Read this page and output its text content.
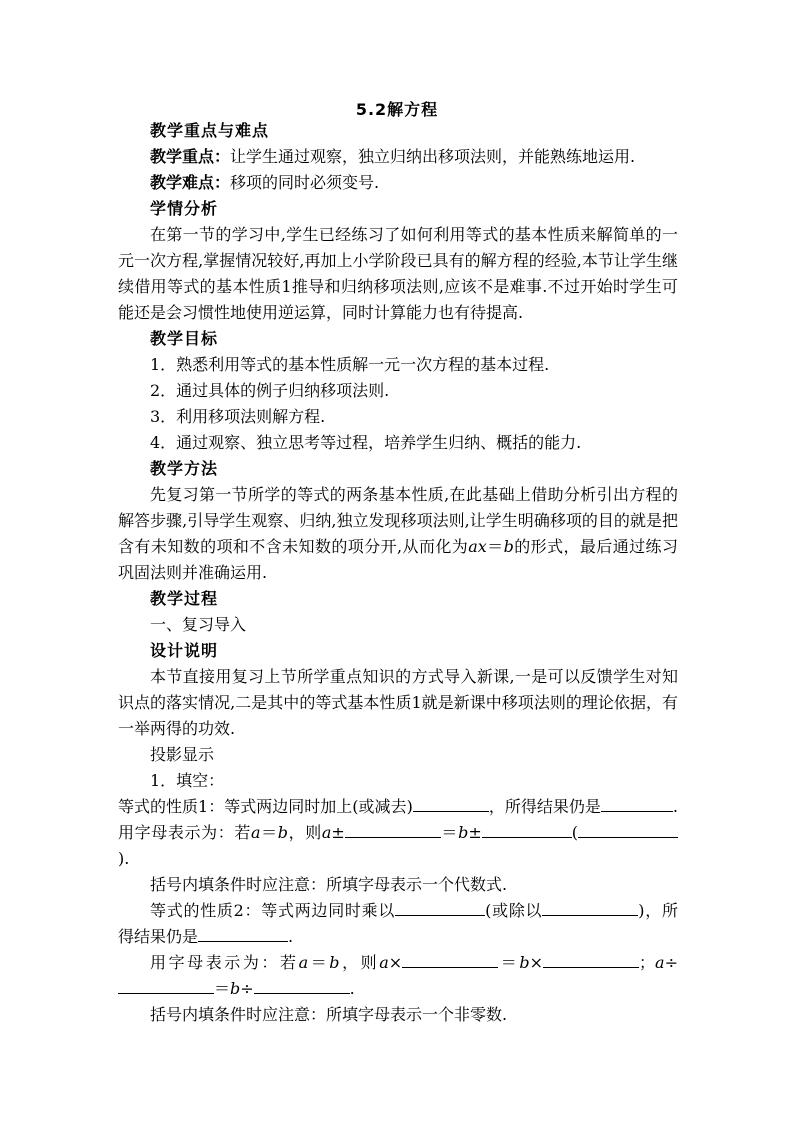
5.2解方程

教学重点与难点

教学重点：让学生通过观察，独立归纳出移项法则，并能熟练地运用.

教学难点：移项的同时必须变号.

学情分析

在第一节的学习中,学生已经练习了如何利用等式的基本性质来解简单的一元一次方程,掌握情况较好,再加上小学阶段已具有的解方程的经验,本节让学生继续借用等式的基本性质1推导和归纳移项法则,应该不是难事.不过开始时学生可能还是会习惯性地使用逆运算，同时计算能力也有待提高.

教学目标

1．熟悉利用等式的基本性质解一元一次方程的基本过程.

2．通过具体的例子归纳移项法则.

3．利用移项法则解方程.

4．通过观察、独立思考等过程，培养学生归纳、概括的能力.

教学方法

先复习第一节所学的等式的两条基本性质,在此基础上借助分析引出方程的解答步骤,引导学生观察、归纳,独立发现移项法则,让学生明确移项的目的就是把含有未知数的项和不含未知数的项分开,从而化为ax＝b的形式，最后通过练习巩固法则并准确运用.

教学过程

一、复习导入

设计说明

本节直接用复习上节所学重点知识的方式导入新课,一是可以反馈学生对知识点的落实情况,二是其中的等式基本性质1就是新课中移项法则的理论依据，有一举两得的功效.

投影显示

1．填空：

等式的性质1：等式两边同时加上(或减去)	，所得结果仍是	.用字母表示为：若a＝b，则a±	＝b±	().

括号内填条件时应注意：所填字母表示一个代数式.

等式的性质2：等式两边同时乘以	(或除以	)，所得结果仍是	.

用字母表示为：若a＝b，则a×	＝b×	；a÷＝b÷	.

括号内填条件时应注意：所填字母表示一个非零数.
